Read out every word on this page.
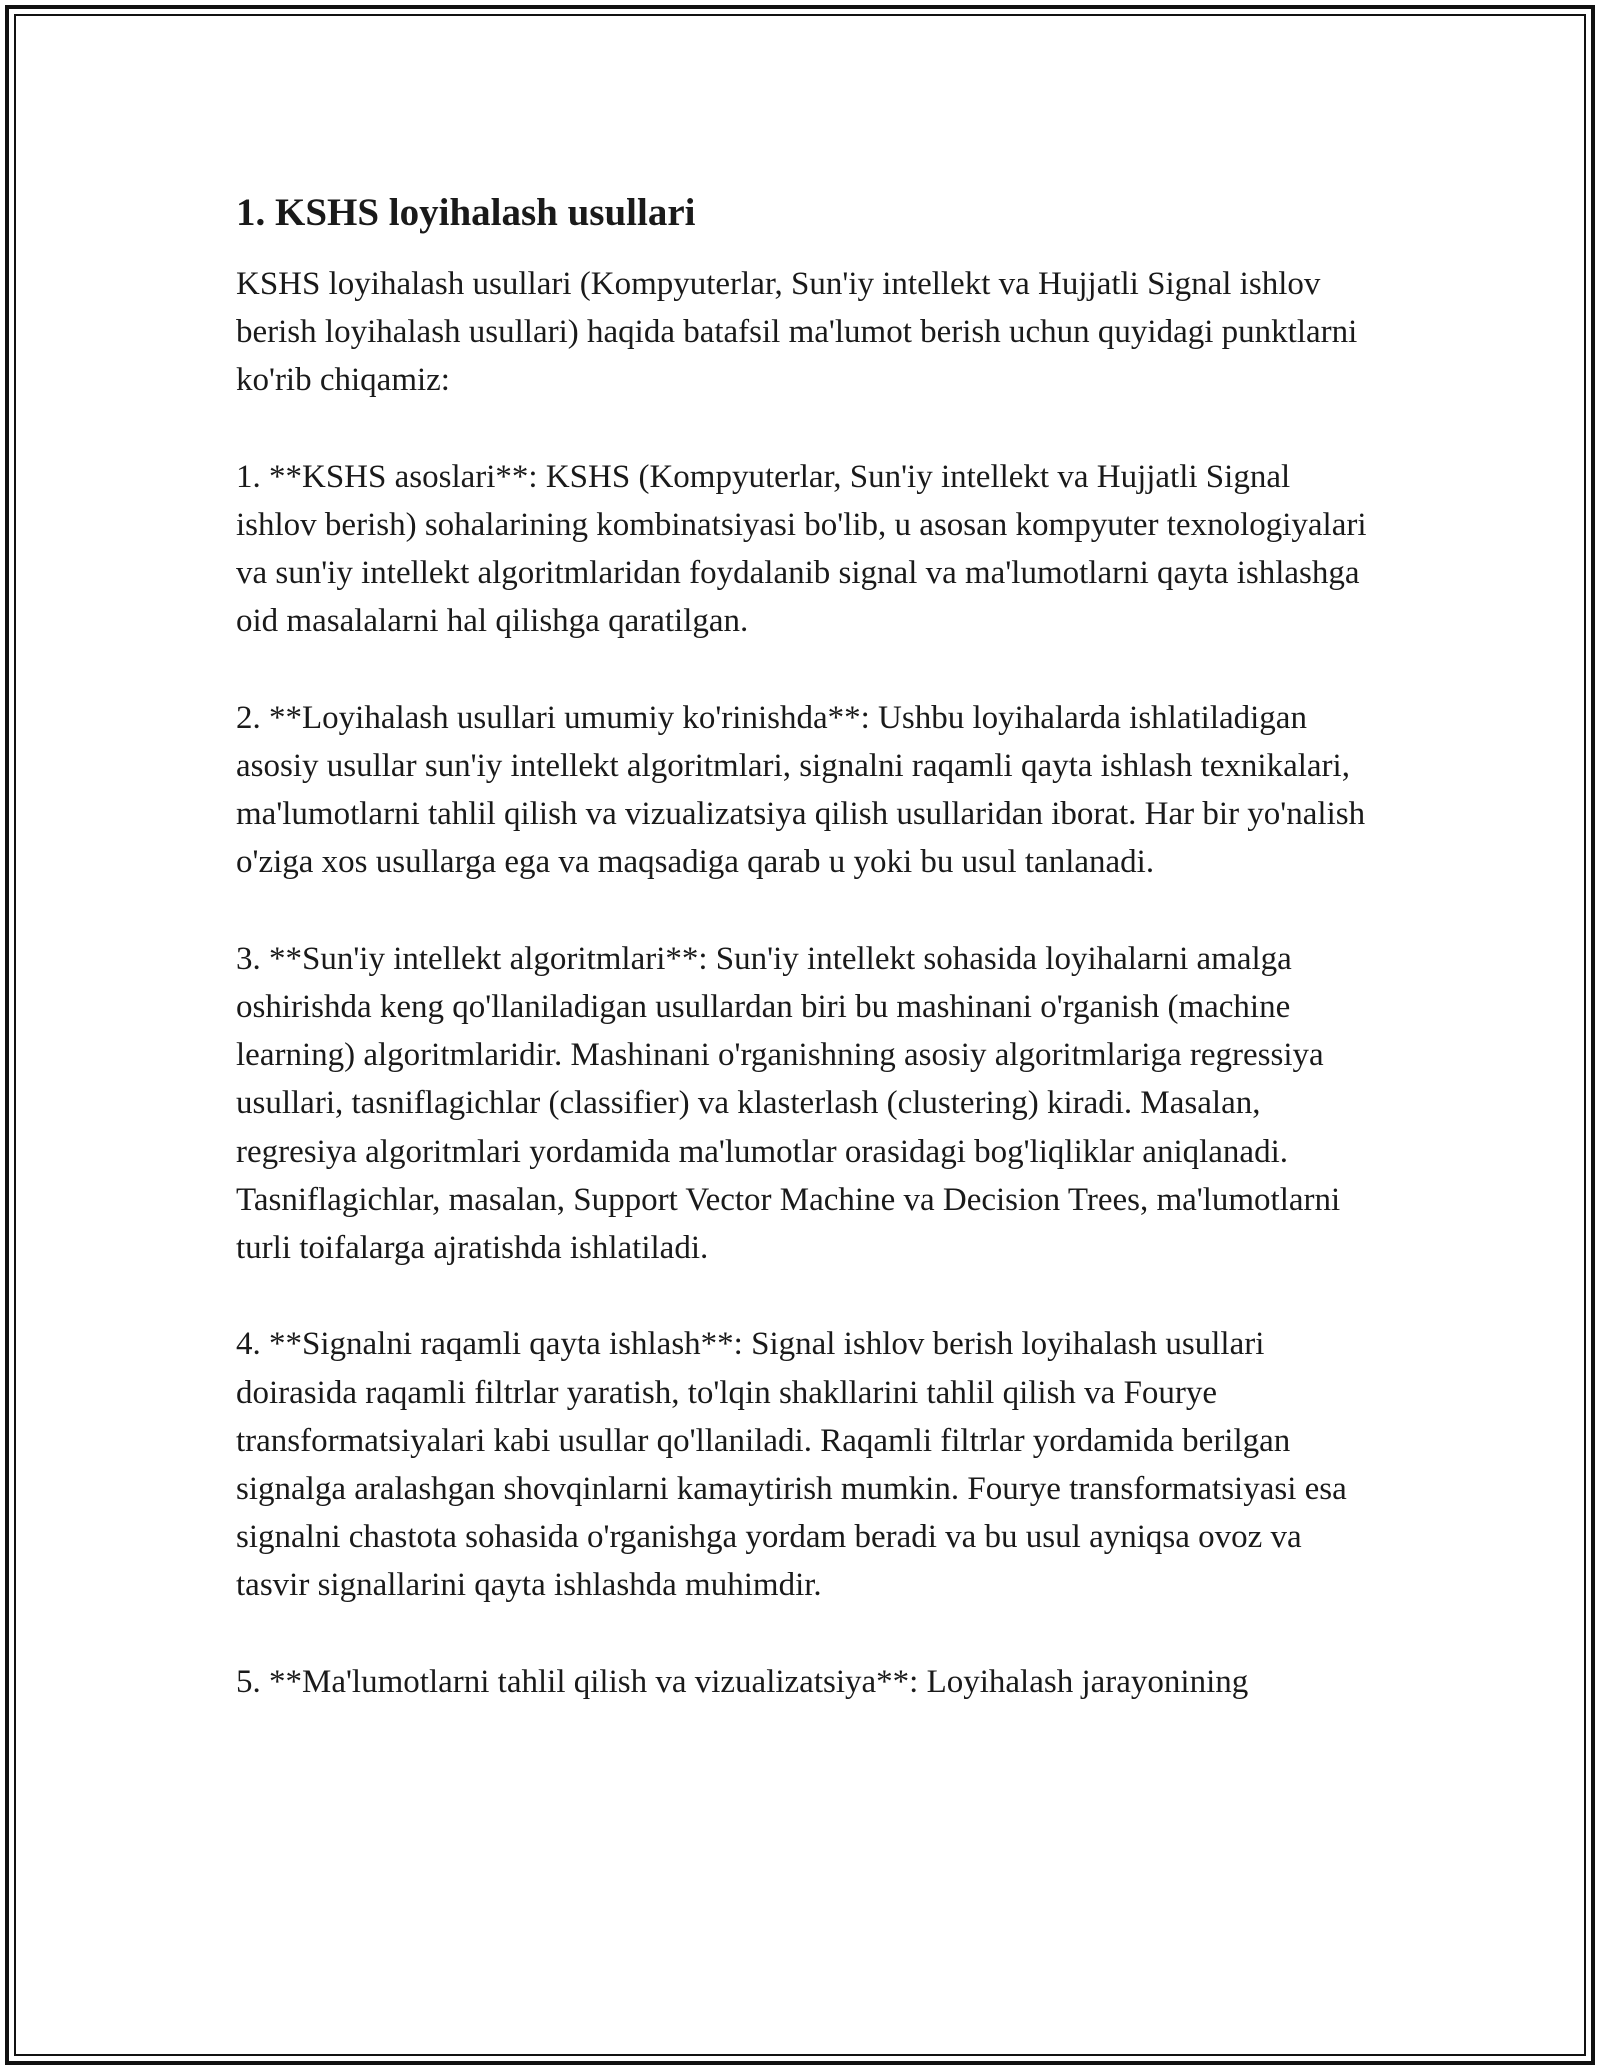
1. KSHS loyihalash usullari

KSHS loyihalash usullari (Kompyuterlar, Sun'iy intellekt va Hujjatli Signal ishlov berish loyihalash usullari) haqida batafsil ma'lumot berish uchun quyidagi punktlarni ko'rib chiqamiz:

1. **KSHS asoslari**: KSHS (Kompyuterlar, Sun'iy intellekt va Hujjatli Signal ishlov berish) sohalarining kombinatsiyasi bo'lib, u asosan kompyuter texnologiyalari va sun'iy intellekt algoritmlaridan foydalanib signal va ma'lumotlarni qayta ishlashga oid masalalarni hal qilishga qaratilgan.

2. **Loyihalash usullari umumiy ko'rinishda**: Ushbu loyihalarda ishlatiladigan asosiy usullar sun'iy intellekt algoritmlari, signalni raqamli qayta ishlash texnikalari, ma'lumotlarni tahlil qilish va vizualizatsiya qilish usullaridan iborat. Har bir yo'nalish o'ziga xos usullarga ega va maqsadiga qarab u yoki bu usul tanlanadi.

3. **Sun'iy intellekt algoritmlari**: Sun'iy intellekt sohasida loyihalarni amalga oshirishda keng qo'llaniladigan usullardan biri bu mashinani o'rganish (machine learning) algoritmlaridir. Mashinani o'rganishning asosiy algoritmlariga regressiya usullari, tasniflagichlar (classifier) va klasterlash (clustering) kiradi. Masalan, regresiya algoritmlari yordamida ma'lumotlar orasidagi bog'liqliklar aniqlanadi. Tasniflagichlar, masalan, Support Vector Machine va Decision Trees, ma'lumotlarni turli toifalarga ajratishda ishlatiladi.

4. **Signalni raqamli qayta ishlash**: Signal ishlov berish loyihalash usullari doirasida raqamli filtrlar yaratish, to'lqin shakllarini tahlil qilish va Fourye transformatsiyalari kabi usullar qo'llaniladi. Raqamli filtrlar yordamida berilgan signalga aralashgan shovqinlarni kamaytirish mumkin. Fourye transformatsiyasi esa signalni chastota sohasida o'rganishga yordam beradi va bu usul ayniqsa ovoz va tasvir signallarini qayta ishlashda muhimdir.

5. **Ma'lumotlarni tahlil qilish va vizualizatsiya**: Loyihalash jarayonining
